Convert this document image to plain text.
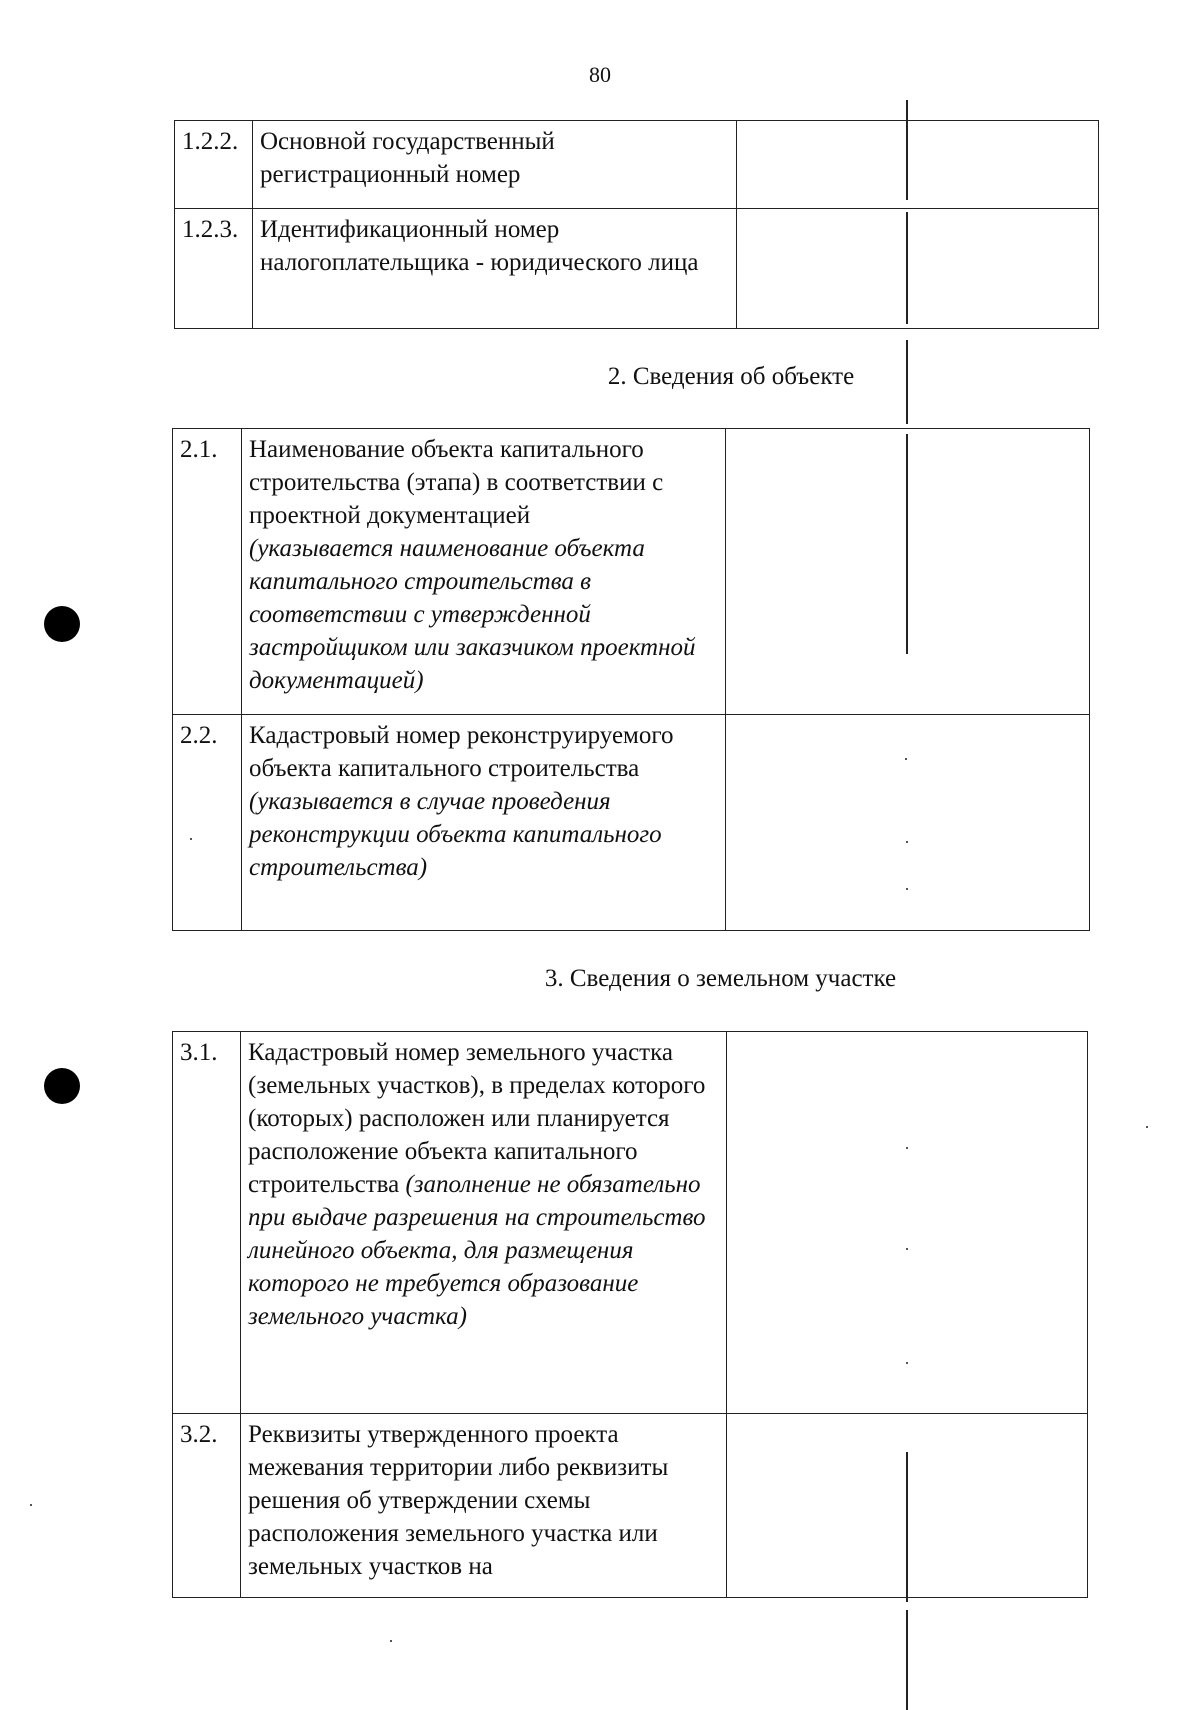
80
1.2.2.	Основной государственный регистрационный номер	
1.2.3.	Идентификационный номер налогоплательщика - юридического лица	
2. Сведения об объекте
2.1.	Наименование объекта капитального строительства (этапа) в соответствии с проектной документацией
(указывается наименование объекта капитального строительства в соответствии с утвержденной застройщиком или заказчиком проектной документацией)	
2.2.	Кадастровый номер реконструируемого объекта капитального строительства
(указывается в случае проведения реконструкции объекта капитального строительства)	
3. Сведения о земельном участке
3.1.	Кадастровый номер земельного участка (земельных участков), в пределах которого (которых) расположен или планируется расположение объекта капитального строительства (заполнение не обязательно при выдаче разрешения на строительство линейного объекта, для размещения которого не требуется образование земельного участка)	
3.2.	Реквизиты утвержденного проекта межевания территории либо реквизиты решения об утверждении схемы расположения земельного участка или земельных участков на	
